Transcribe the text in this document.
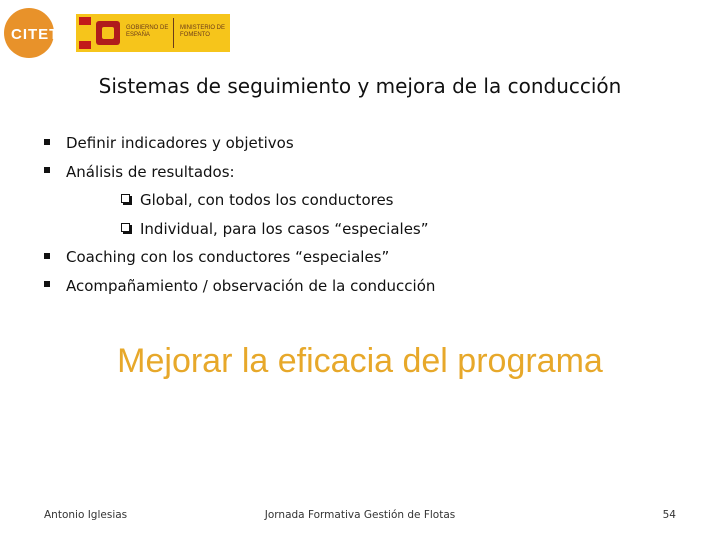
CITET	GOBIERNO DE ESPAÑA
MINISTERIO DE FOMENTO
Sistemas de seguimiento y mejora de la conducción
Definir indicadores y objetivos
Análisis de resultados:
Global, con todos los conductores
Individual, para los casos “especiales”
Coaching con los conductores “especiales”
Acompañamiento / observación de la conducción
Mejorar la eficacia del programa
Antonio Iglesias	Jornada Formativa Gestión de Flotas	54
